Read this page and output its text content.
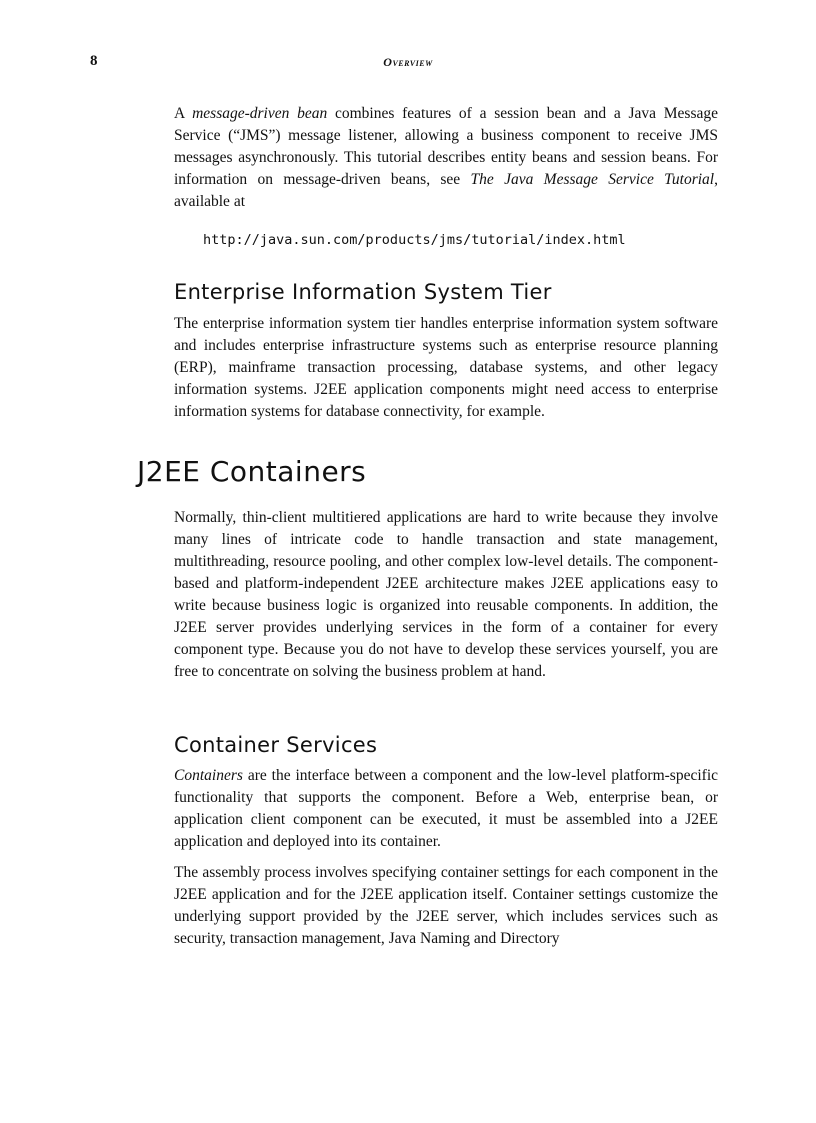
8	Overview

A message-driven bean combines features of a session bean and a Java Message Service (“JMS”) message listener, allowing a business component to receive JMS messages asynchronously. This tutorial describes entity beans and session beans. For information on message-driven beans, see The Java Message Service Tutorial, available at

http://java.sun.com/products/jms/tutorial/index.html
Enterprise Information System Tier

The enterprise information system tier handles enterprise information system software and includes enterprise infrastructure systems such as enterprise resource planning (ERP), mainframe transaction processing, database systems, and other legacy information systems. J2EE application components might need access to enterprise information systems for database connectivity, for example.

J2EE Containers

Normally, thin-client multitiered applications are hard to write because they involve many lines of intricate code to handle transaction and state management, multithreading, resource pooling, and other complex low-level details. The component-based and platform-independent J2EE architecture makes J2EE applications easy to write because business logic is organized into reusable components. In addition, the J2EE server provides underlying services in the form of a container for every component type. Because you do not have to develop these services yourself, you are free to concentrate on solving the business problem at hand.

Container Services

Containers are the interface between a component and the low-level platform-specific functionality that supports the component. Before a Web, enterprise bean, or application client component can be executed, it must be assembled into a J2EE application and deployed into its container.

The assembly process involves specifying container settings for each component in the J2EE application and for the J2EE application itself. Container settings customize the underlying support provided by the J2EE server, which includes services such as security, transaction management, Java Naming and Directory
